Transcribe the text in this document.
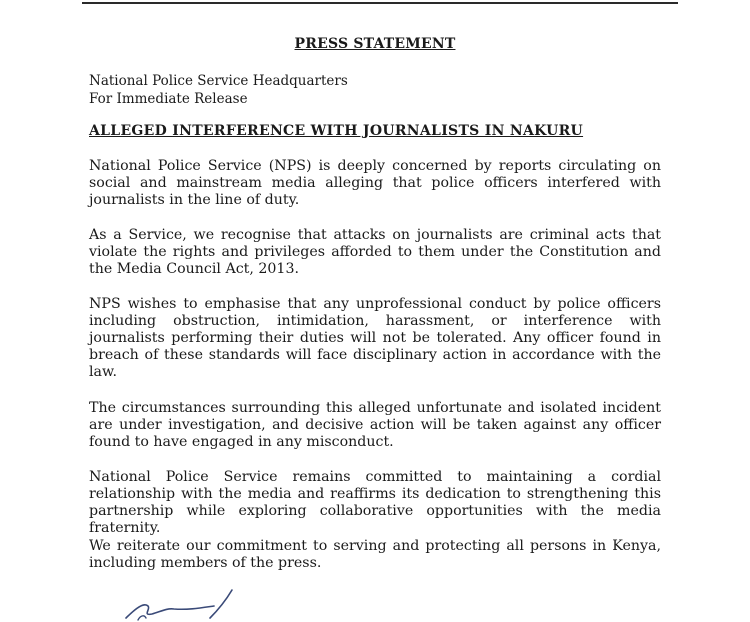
PRESS STATEMENT
National Police Service Headquarters
For Immediate Release
ALLEGED INTERFERENCE WITH JOURNALISTS IN NAKURU
National Police Service (NPS) is deeply concerned by reports circulating on social and mainstream media alleging that police officers interfered with journalists in the line of duty.
As a Service, we recognise that attacks on journalists are criminal acts that violate the rights and privileges afforded to them under the Constitution and the Media Council Act, 2013.
NPS wishes to emphasise that any unprofessional conduct by police officers including obstruction, intimidation, harassment, or interference with journalists performing their duties will not be tolerated. Any officer found in breach of these standards will face disciplinary action in accordance with the law.
The circumstances surrounding this alleged unfortunate and isolated incident are under investigation, and decisive action will be taken against any officer found to have engaged in any misconduct.
National Police Service remains committed to maintaining a cordial relationship with the media and reaffirms its dedication to strengthening this partnership while exploring collaborative opportunities with the media fraternity.
We reiterate our commitment to serving and protecting all persons in Kenya, including members of the press.
